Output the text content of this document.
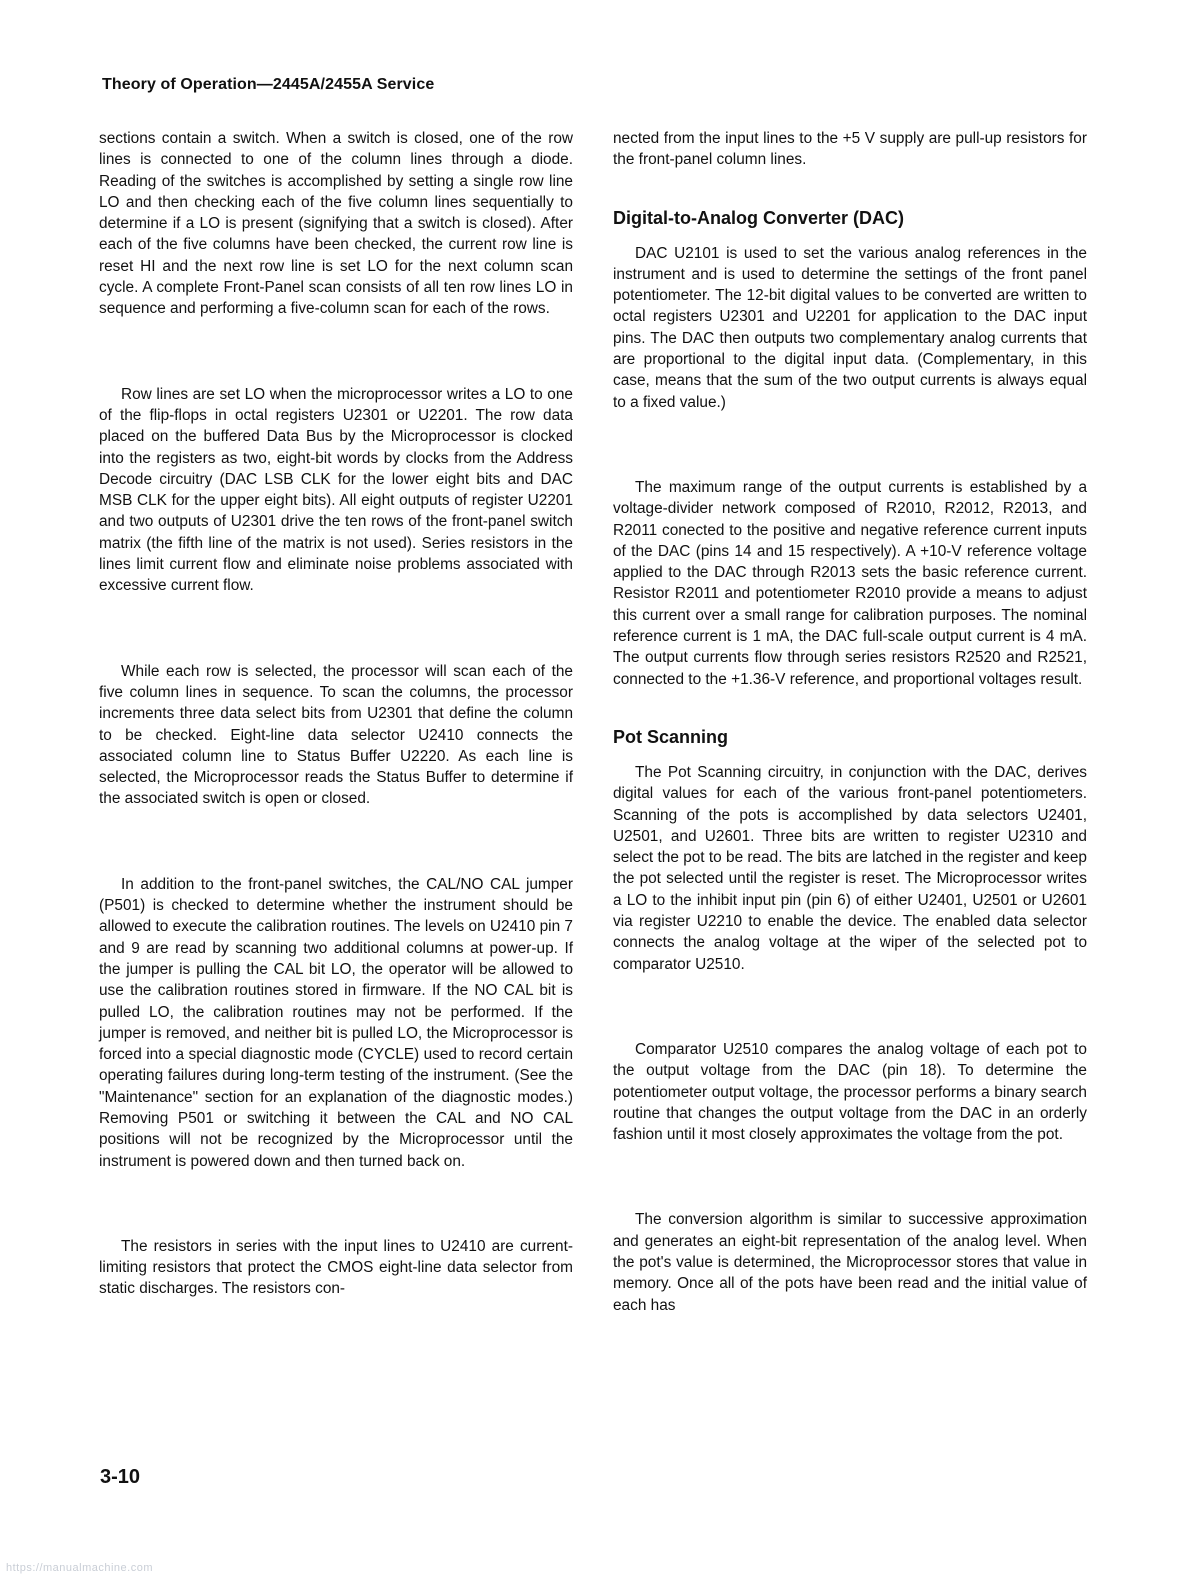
Theory of Operation—2445A/2455A Service

sections contain a switch. When a switch is closed, one of the row lines is connected to one of the column lines through a diode. Reading of the switches is accomplished by setting a single row line LO and then checking each of the five column lines sequentially to determine if a LO is present (signifying that a switch is closed). After each of the five columns have been checked, the current row line is reset HI and the next row line is set LO for the next column scan cycle. A complete Front-Panel scan consists of all ten row lines LO in sequence and performing a five-column scan for each of the rows.

Row lines are set LO when the microprocessor writes a LO to one of the flip-flops in octal registers U2301 or U2201. The row data placed on the buffered Data Bus by the Microprocessor is clocked into the registers as two, eight-bit words by clocks from the Address Decode circuitry (DAC LSB CLK for the lower eight bits and DAC MSB CLK for the upper eight bits). All eight outputs of register U2201 and two outputs of U2301 drive the ten rows of the front-panel switch matrix (the fifth line of the matrix is not used). Series resistors in the lines limit current flow and eliminate noise problems associated with excessive current flow.

While each row is selected, the processor will scan each of the five column lines in sequence. To scan the columns, the processor increments three data select bits from U2301 that define the column to be checked. Eight-line data selector U2410 connects the associated column line to Status Buffer U2220. As each line is selected, the Microprocessor reads the Status Buffer to determine if the associated switch is open or closed.

In addition to the front-panel switches, the CAL/NO CAL jumper (P501) is checked to determine whether the instrument should be allowed to execute the calibration routines. The levels on U2410 pin 7 and 9 are read by scanning two additional columns at power-up. If the jumper is pulling the CAL bit LO, the operator will be allowed to use the calibration routines stored in firmware. If the NO CAL bit is pulled LO, the calibration routines may not be performed. If the jumper is removed, and neither bit is pulled LO, the Microprocessor is forced into a special diagnostic mode (CYCLE) used to record certain operating failures during long-term testing of the instrument. (See the "Maintenance" section for an explanation of the diagnostic modes.) Removing P501 or switching it between the CAL and NO CAL positions will not be recognized by the Microprocessor until the instrument is powered down and then turned back on.

The resistors in series with the input lines to U2410 are current-limiting resistors that protect the CMOS eight-line data selector from static discharges. The resistors con-

nected from the input lines to the +5 V supply are pull-up resistors for the front-panel column lines.

Digital-to-Analog Converter (DAC)

DAC U2101 is used to set the various analog references in the instrument and is used to determine the settings of the front panel potentiometer. The 12-bit digital values to be converted are written to octal registers U2301 and U2201 for application to the DAC input pins. The DAC then outputs two complementary analog currents that are proportional to the digital input data. (Complementary, in this case, means that the sum of the two output currents is always equal to a fixed value.)

The maximum range of the output currents is established by a voltage-divider network composed of R2010, R2012, R2013, and R2011 conected to the positive and negative reference current inputs of the DAC (pins 14 and 15 respectively). A +10-V reference voltage applied to the DAC through R2013 sets the basic reference current. Resistor R2011 and potentiometer R2010 provide a means to adjust this current over a small range for calibration purposes. The nominal reference current is 1 mA, the DAC full-scale output current is 4 mA. The output currents flow through series resistors R2520 and R2521, connected to the +1.36-V reference, and proportional voltages result.

Pot Scanning

The Pot Scanning circuitry, in conjunction with the DAC, derives digital values for each of the various front-panel potentiometers. Scanning of the pots is accomplished by data selectors U2401, U2501, and U2601. Three bits are written to register U2310 and select the pot to be read. The bits are latched in the register and keep the pot selected until the register is reset. The Microprocessor writes a LO to the inhibit input pin (pin 6) of either U2401, U2501 or U2601 via register U2210 to enable the device. The enabled data selector connects the analog voltage at the wiper of the selected pot to comparator U2510.

Comparator U2510 compares the analog voltage of each pot to the output voltage from the DAC (pin 18). To determine the potentiometer output voltage, the processor performs a binary search routine that changes the output voltage from the DAC in an orderly fashion until it most closely approximates the voltage from the pot.

The conversion algorithm is similar to successive approximation and generates an eight-bit representation of the analog level. When the pot's value is determined, the Microprocessor stores that value in memory. Once all of the pots have been read and the initial value of each has

3-10
https://manualmachine.com
